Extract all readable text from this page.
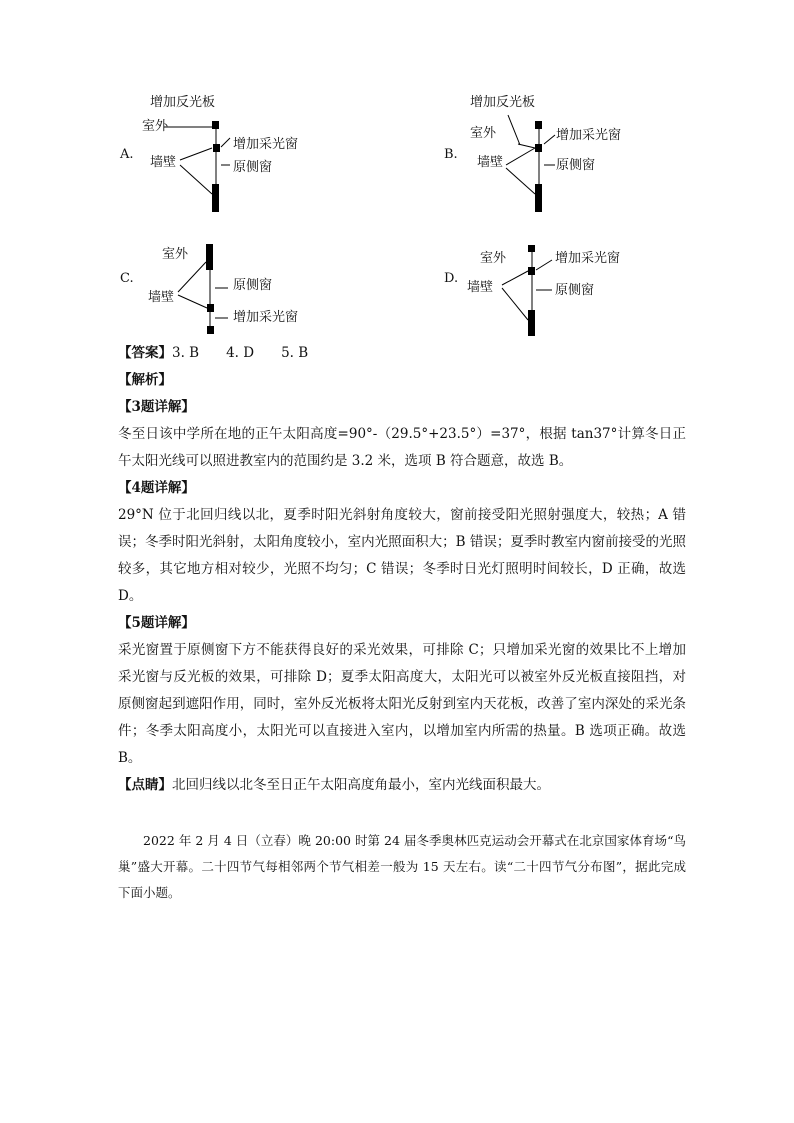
增加反光板
室外
增加采光窗
A.
墙壁	原侧窗
增加反光板
室外	增加采光窗
B.
墙壁	原侧窗
室外
C.	原侧窗
墙壁
增加采光窗
室外	增加采光窗
D.
墙壁	原侧窗

【答案】3. B　　4. D　　5. B

【解析】

【3题详解】

冬至日该中学所在地的正午太阳高度=90°-（29.5°+23.5°）=37°，根据 tan37°计算冬日正午太阳光线可以照进教室内的范围约是 3.2 米，选项 B 符合题意，故选 B。

【4题详解】

29°N 位于北回归线以北，夏季时阳光斜射角度较大，窗前接受阳光照射强度大，较热；A 错误；冬季时阳光斜射，太阳角度较小，室内光照面积大；B 错误；夏季时教室内窗前接受的光照较多，其它地方相对较少，光照不均匀；C 错误；冬季时日光灯照明时间较长，D 正确，故选 D。

【5题详解】

采光窗置于原侧窗下方不能获得良好的采光效果，可排除 C；只增加采光窗的效果比不上增加采光窗与反光板的效果，可排除 D；夏季太阳高度大，太阳光可以被室外反光板直接阻挡，对原侧窗起到遮阳作用，同时，室外反光板将太阳光反射到室内天花板，改善了室内深处的采光条件；冬季太阳高度小，太阳光可以直接进入室内，以增加室内所需的热量。B 选项正确。故选 B。

【点睛】北回归线以北冬至日正午太阳高度角最小，室内光线面积最大。

2022 年 2 月 4 日（立春）晚 20:00 时第 24 届冬季奥林匹克运动会开幕式在北京国家体育场“鸟巢”盛大开幕。二十四节气每相邻两个节气相差一般为 15 天左右。读“二十四节气分布图”，据此完成下面小题。
